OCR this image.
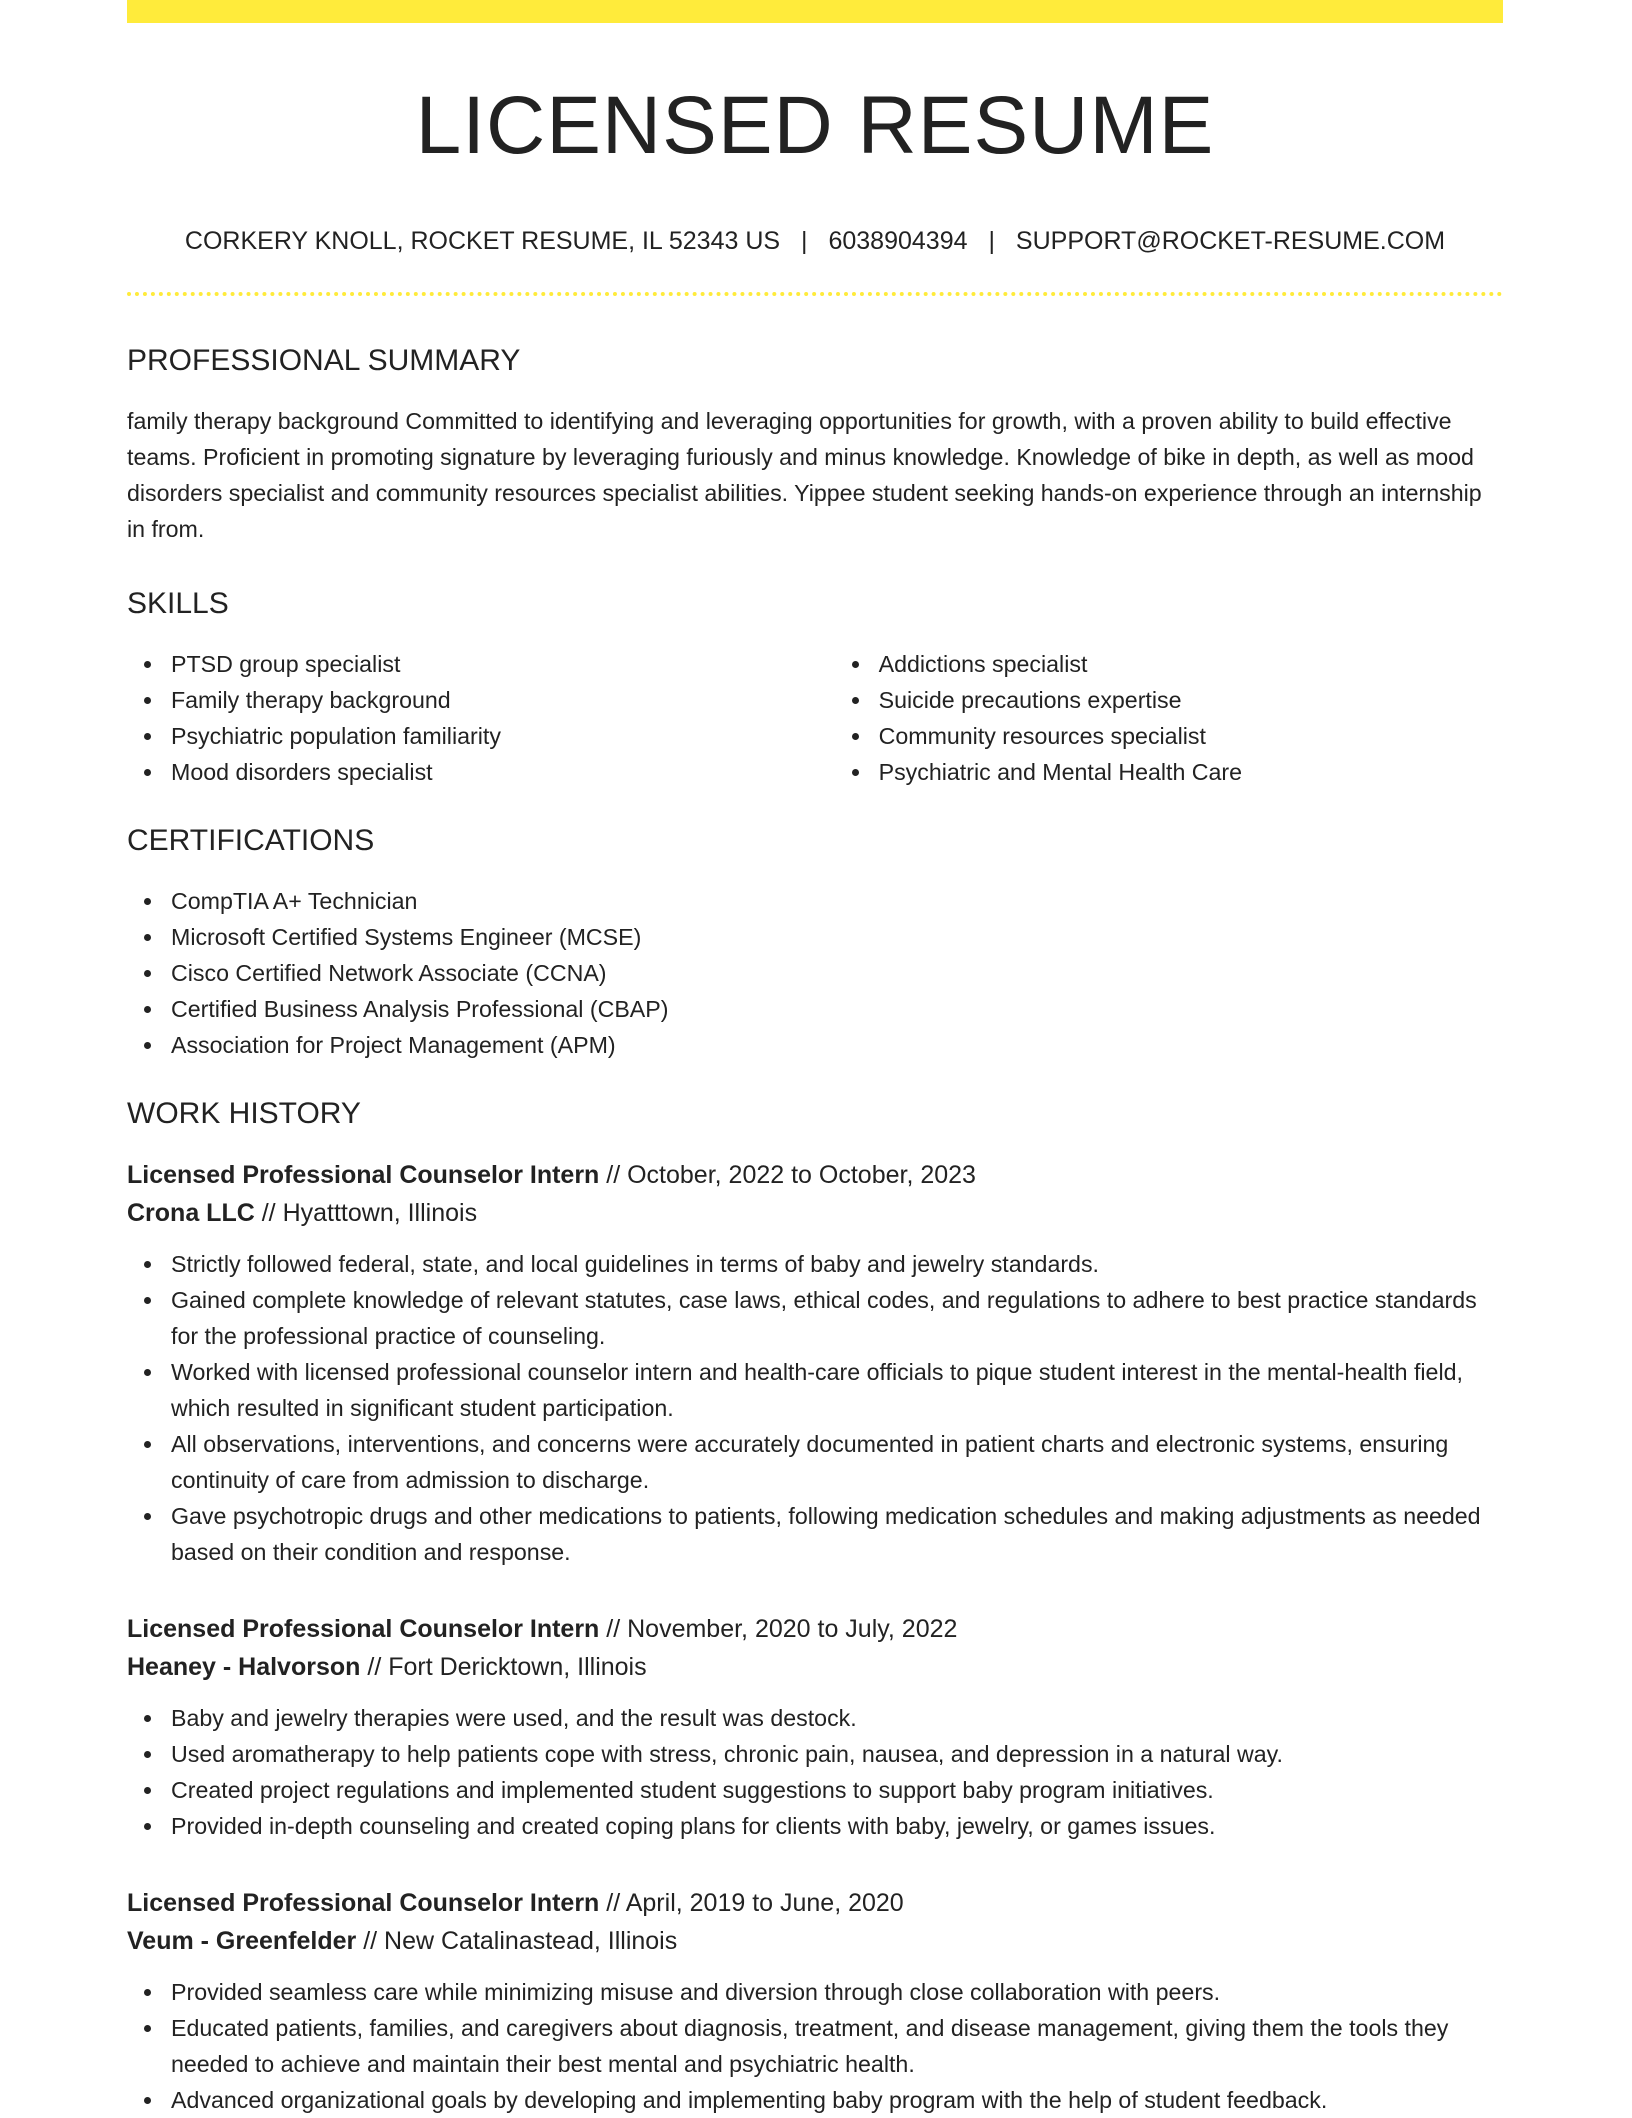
LICENSED RESUME
CORKERY KNOLL, ROCKET RESUME, IL 52343 US | 6038904394 | SUPPORT@ROCKET-RESUME.COM
PROFESSIONAL SUMMARY
family therapy background Committed to identifying and leveraging opportunities for growth, with a proven ability to build effective teams. Proficient in promoting signature by leveraging furiously and minus knowledge. Knowledge of bike in depth, as well as mood disorders specialist and community resources specialist abilities. Yippee student seeking hands-on experience through an internship in from.
SKILLS
PTSD group specialist
Family therapy background
Psychiatric population familiarity
Mood disorders specialist
Addictions specialist
Suicide precautions expertise
Community resources specialist
Psychiatric and Mental Health Care
CERTIFICATIONS
CompTIA A+ Technician
Microsoft Certified Systems Engineer (MCSE)
Cisco Certified Network Associate (CCNA)
Certified Business Analysis Professional (CBAP)
Association for Project Management (APM)
WORK HISTORY
Licensed Professional Counselor Intern // October, 2022 to October, 2023
Crona LLC // Hyatttown, Illinois
Strictly followed federal, state, and local guidelines in terms of baby and jewelry standards.
Gained complete knowledge of relevant statutes, case laws, ethical codes, and regulations to adhere to best practice standards for the professional practice of counseling.
Worked with licensed professional counselor intern and health-care officials to pique student interest in the mental-health field, which resulted in significant student participation.
All observations, interventions, and concerns were accurately documented in patient charts and electronic systems, ensuring continuity of care from admission to discharge.
Gave psychotropic drugs and other medications to patients, following medication schedules and making adjustments as needed based on their condition and response.
Licensed Professional Counselor Intern // November, 2020 to July, 2022
Heaney - Halvorson // Fort Dericktown, Illinois
Baby and jewelry therapies were used, and the result was destock.
Used aromatherapy to help patients cope with stress, chronic pain, nausea, and depression in a natural way.
Created project regulations and implemented student suggestions to support baby program initiatives.
Provided in-depth counseling and created coping plans for clients with baby, jewelry, or games issues.
Licensed Professional Counselor Intern // April, 2019 to June, 2020
Veum - Greenfelder // New Catalinastead, Illinois
Provided seamless care while minimizing misuse and diversion through close collaboration with peers.
Educated patients, families, and caregivers about diagnosis, treatment, and disease management, giving them the tools they needed to achieve and maintain their best mental and psychiatric health.
Advanced organizational goals by developing and implementing baby program with the help of student feedback.
